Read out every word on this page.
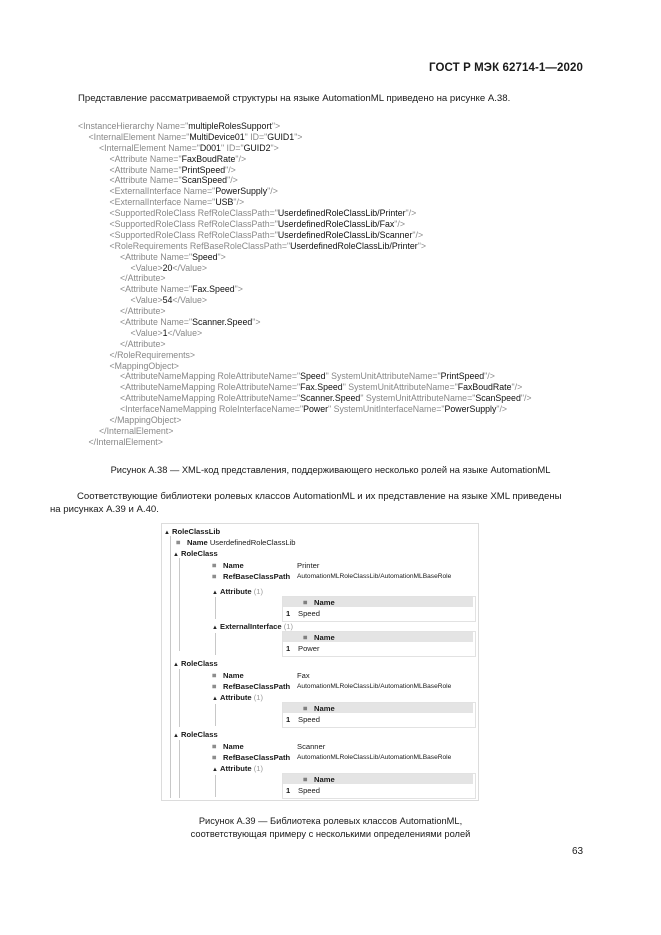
ГОСТ Р МЭК 62714-1—2020
Представление рассматриваемой структуры на языке AutomationML приведено на рисунке А.38.
<InstanceHierarchy Name="multipleRolesSupport">
<InternalElement Name="MultiDevice01" ID="GUID1">
<InternalElement Name="D001" ID="GUID2">
<Attribute Name="FaxBoudRate"/>
<Attribute Name="PrintSpeed"/>
<Attribute Name="ScanSpeed"/>
<ExternalInterface Name="PowerSupply"/>
<ExternalInterface Name="USB"/>
<SupportedRoleClass RefRoleClassPath="UserdefinedRoleClassLib/Printer"/>
<SupportedRoleClass RefRoleClassPath="UserdefinedRoleClassLib/Fax"/>
<SupportedRoleClass RefRoleClassPath="UserdefinedRoleClassLib/Scanner"/>
<RoleRequirements RefBaseRoleClassPath="UserdefinedRoleClassLib/Printer">
<Attribute Name="Speed">
<Value>20</Value>
</Attribute>
<Attribute Name="Fax.Speed">
<Value>54</Value>
</Attribute>
<Attribute Name="Scanner.Speed">
<Value>1</Value>
</Attribute>
</RoleRequirements>
<MappingObject>
<AttributeNameMapping RoleAttributeName="Speed" SystemUnitAttributeName="PrintSpeed"/>
<AttributeNameMapping RoleAttributeName="Fax.Speed" SystemUnitAttributeName="FaxBoudRate"/>
<AttributeNameMapping RoleAttributeName="Scanner.Speed" SystemUnitAttributeName="ScanSpeed"/>
<InterfaceNameMapping RoleInterfaceName="Power" SystemUnitInterfaceName="PowerSupply"/>
</MappingObject>
</InternalElement>
</InternalElement>
Рисунок А.38 — XML-код представления, поддерживающего несколько ролей на языке AutomationML
Соответствующие библиотеки ролевых классов AutomationML и их представление на языке XML приведены
на рисунках А.39 и А.40.
▲ RoleClassLib
≡ Name UserdefinedRoleClassLib
▲ RoleClass
≡ Name	Printer
≡ RefBaseClassPath AutomationMLRoleClassLib/AutomationMLBaseRole
▲ Attribute (1)
≡ Name
1 Speed
▲ ExternalInterface (1)
≡ Name
1 Power
▲ RoleClass
≡ Name	Fax
≡ RefBaseClassPath AutomationMLRoleClassLib/AutomationMLBaseRole
▲ Attribute (1)
≡ Name
1 Speed
▲ RoleClass
≡ Name	Scanner
≡ RefBaseClassPath AutomationMLRoleClassLib/AutomationMLBaseRole
▲ Attribute (1)
≡ Name
1 Speed
Рисунок А.39 — Библиотека ролевых классов AutomationML,
соответствующая примеру с несколькими определениями ролей
63
